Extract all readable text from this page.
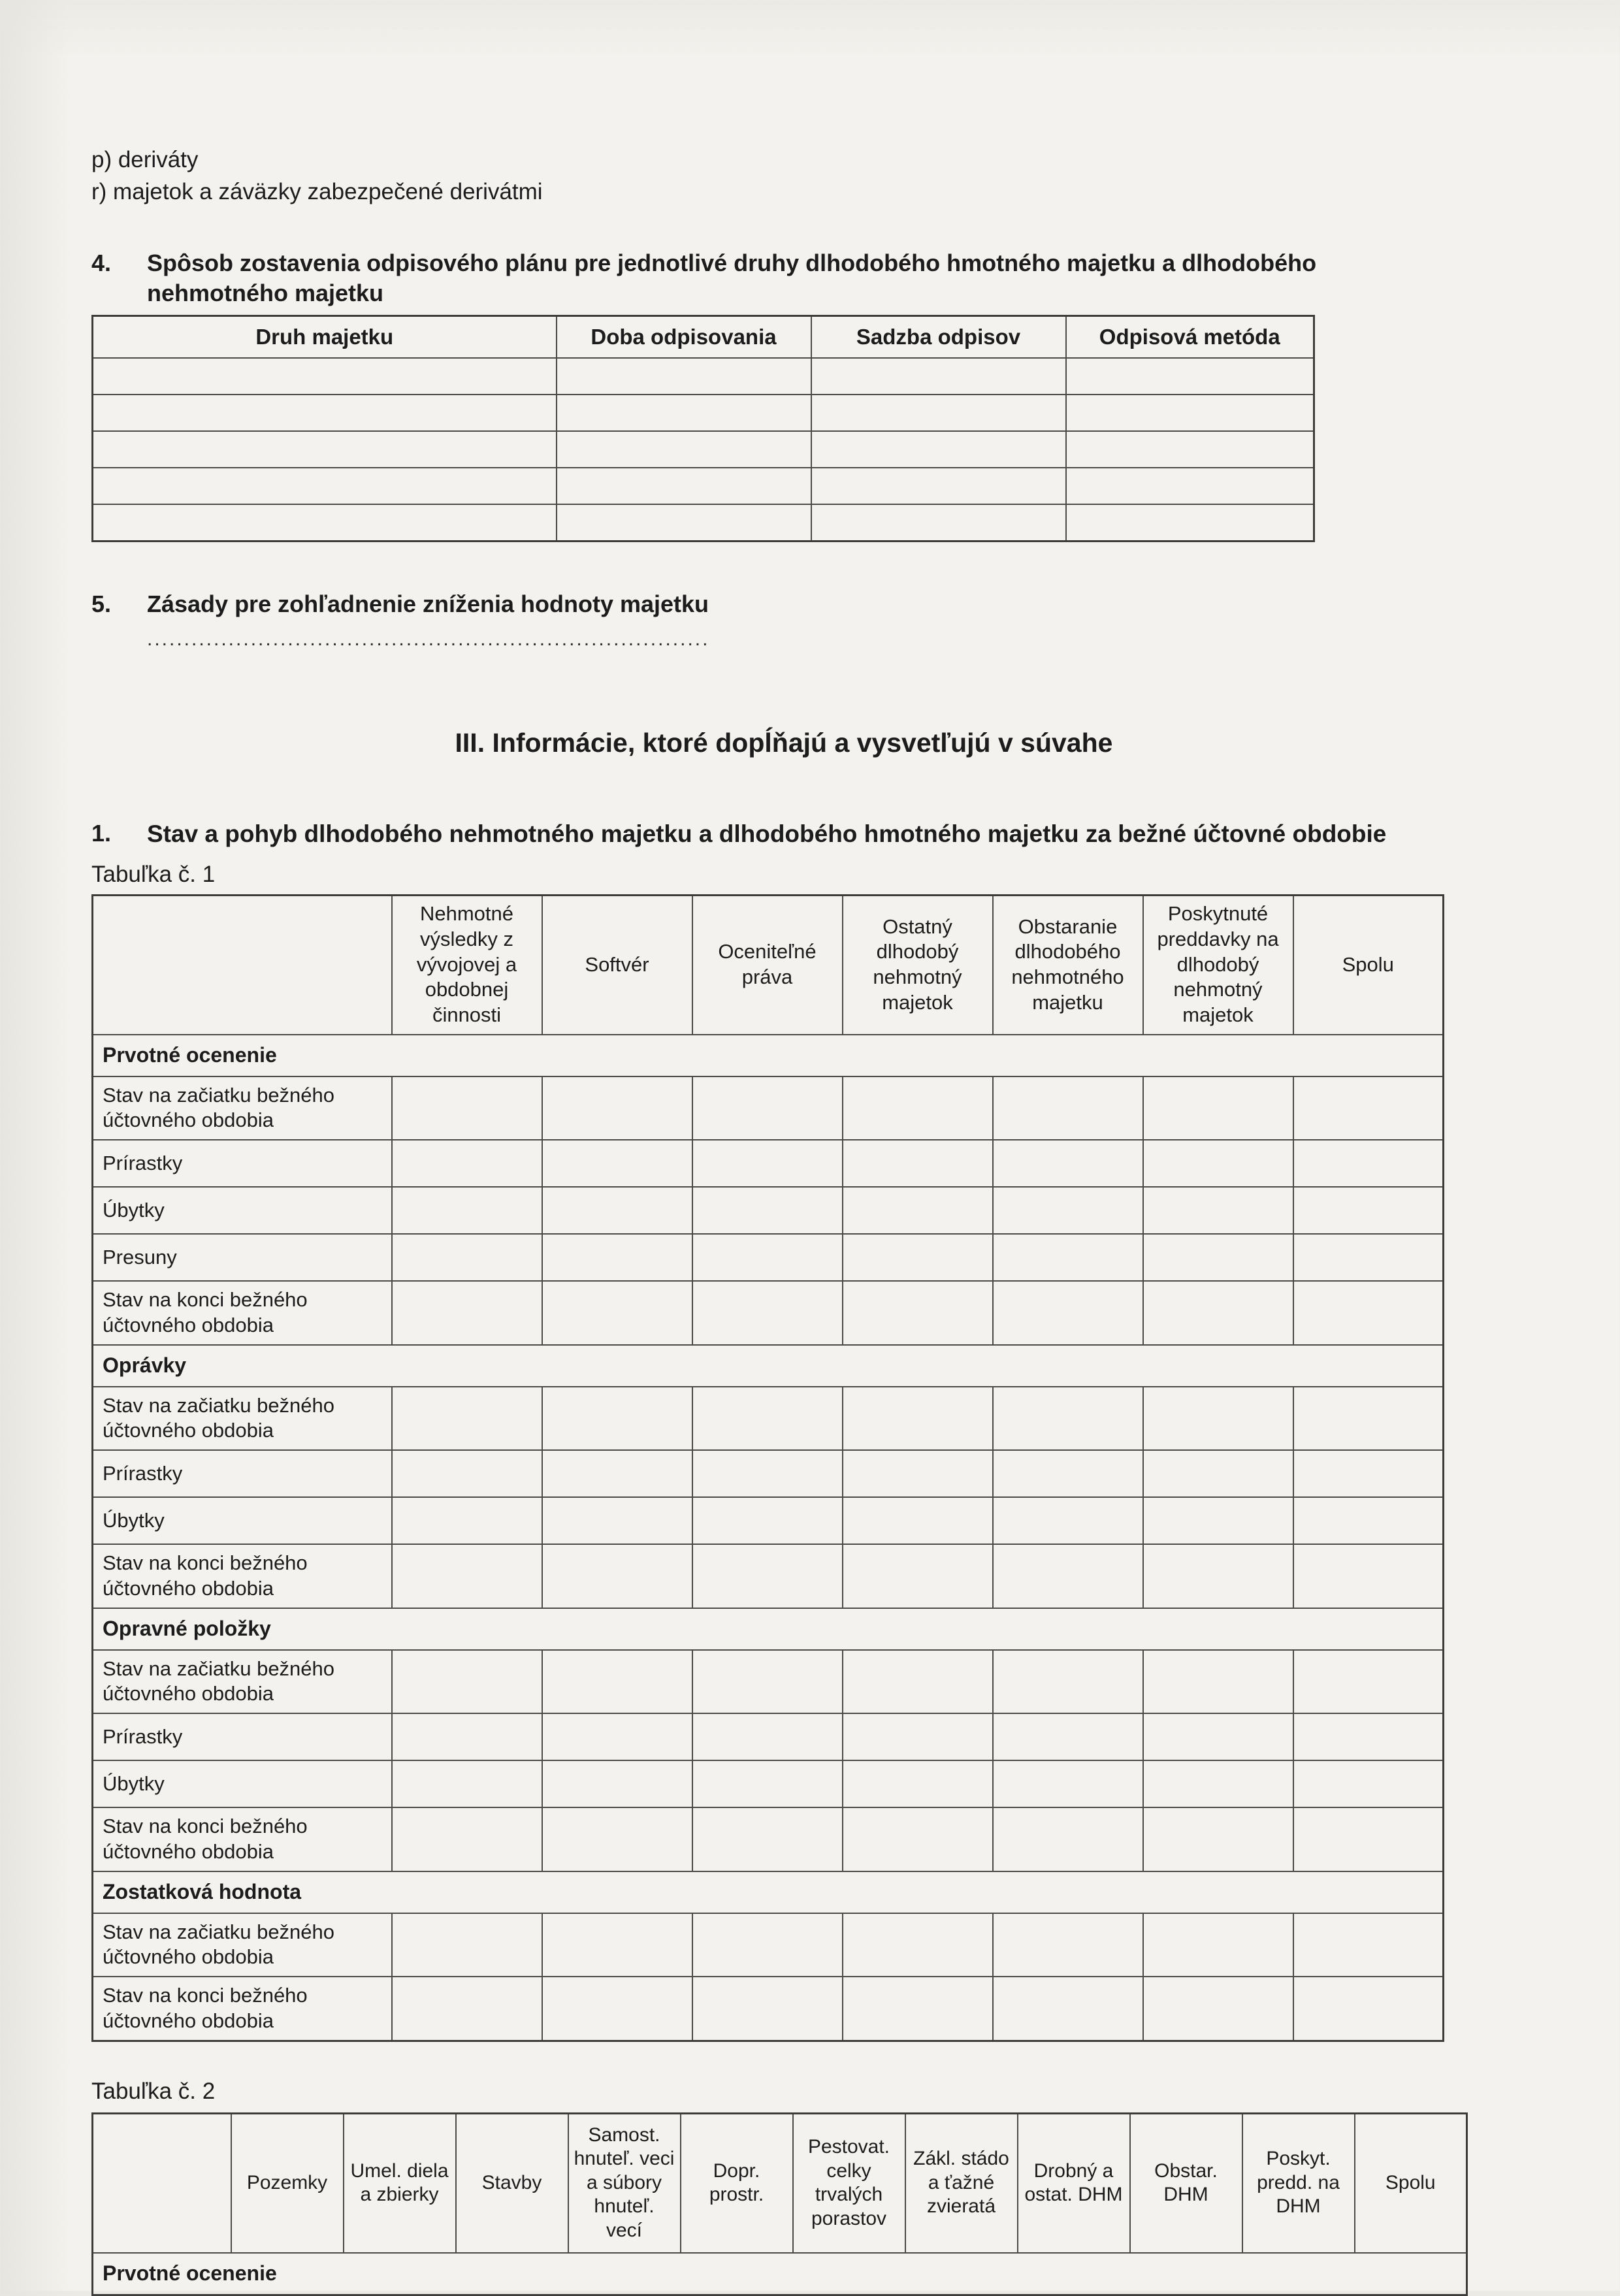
p) deriváty
r) majetok a záväzky zabezpečené derivátmi
4.	Spôsob zostavenia odpisového plánu pre jednotlivé druhy dlhodobého hmotného majetku a dlhodobého nehmotného majetku
Druh majetku	Doba odpisovania	Sadzba odpisov	Odpisová metóda

5.	Zásady pre zohľadnenie zníženia hodnoty majetku
............................................................................
III. Informácie, ktoré dopĺňajú a vysvetľujú v súvahe
1.	Stav a pohyb dlhodobého nehmotného majetku a dlhodobého hmotného majetku za bežné účtovné obdobie
Tabuľka č. 1
	Nehmotné výsledky z vývojovej a obdobnej činnosti	Softvér	Oceniteľné práva	Ostatný dlhodobý nehmotný majetok	Obstaranie dlhodobého nehmotného majetku	Poskytnuté preddavky na dlhodobý nehmotný majetok	Spolu
Prvotné ocenenie							
Stav na začiatku bežného účtovného obdobia							
Prírastky							
Úbytky							
Presuny							
Stav na konci bežného účtovného obdobia							
Oprávky							
Stav na začiatku bežného účtovného obdobia							
Prírastky							
Úbytky							
Stav na konci bežného účtovného obdobia							
Opravné položky							
Stav na začiatku bežného účtovného obdobia							
Prírastky							
Úbytky							
Stav na konci bežného účtovného obdobia							
Zostatková hodnota							
Stav na začiatku bežného účtovného obdobia							
Stav na konci bežného účtovného obdobia							
Tabuľka č. 2
	Pozemky	Umel. diela a zbierky	Stavby	Samost. hnuteľ. veci a súbory hnuteľ. vecí	Dopr. prostr.	Pestovat. celky trvalých porastov	Zákl. stádo a ťažné zvieratá	Drobný a ostat. DHM	Obstar. DHM	Poskyt. predd. na DHM	Spolu
Prvotné ocenenie
